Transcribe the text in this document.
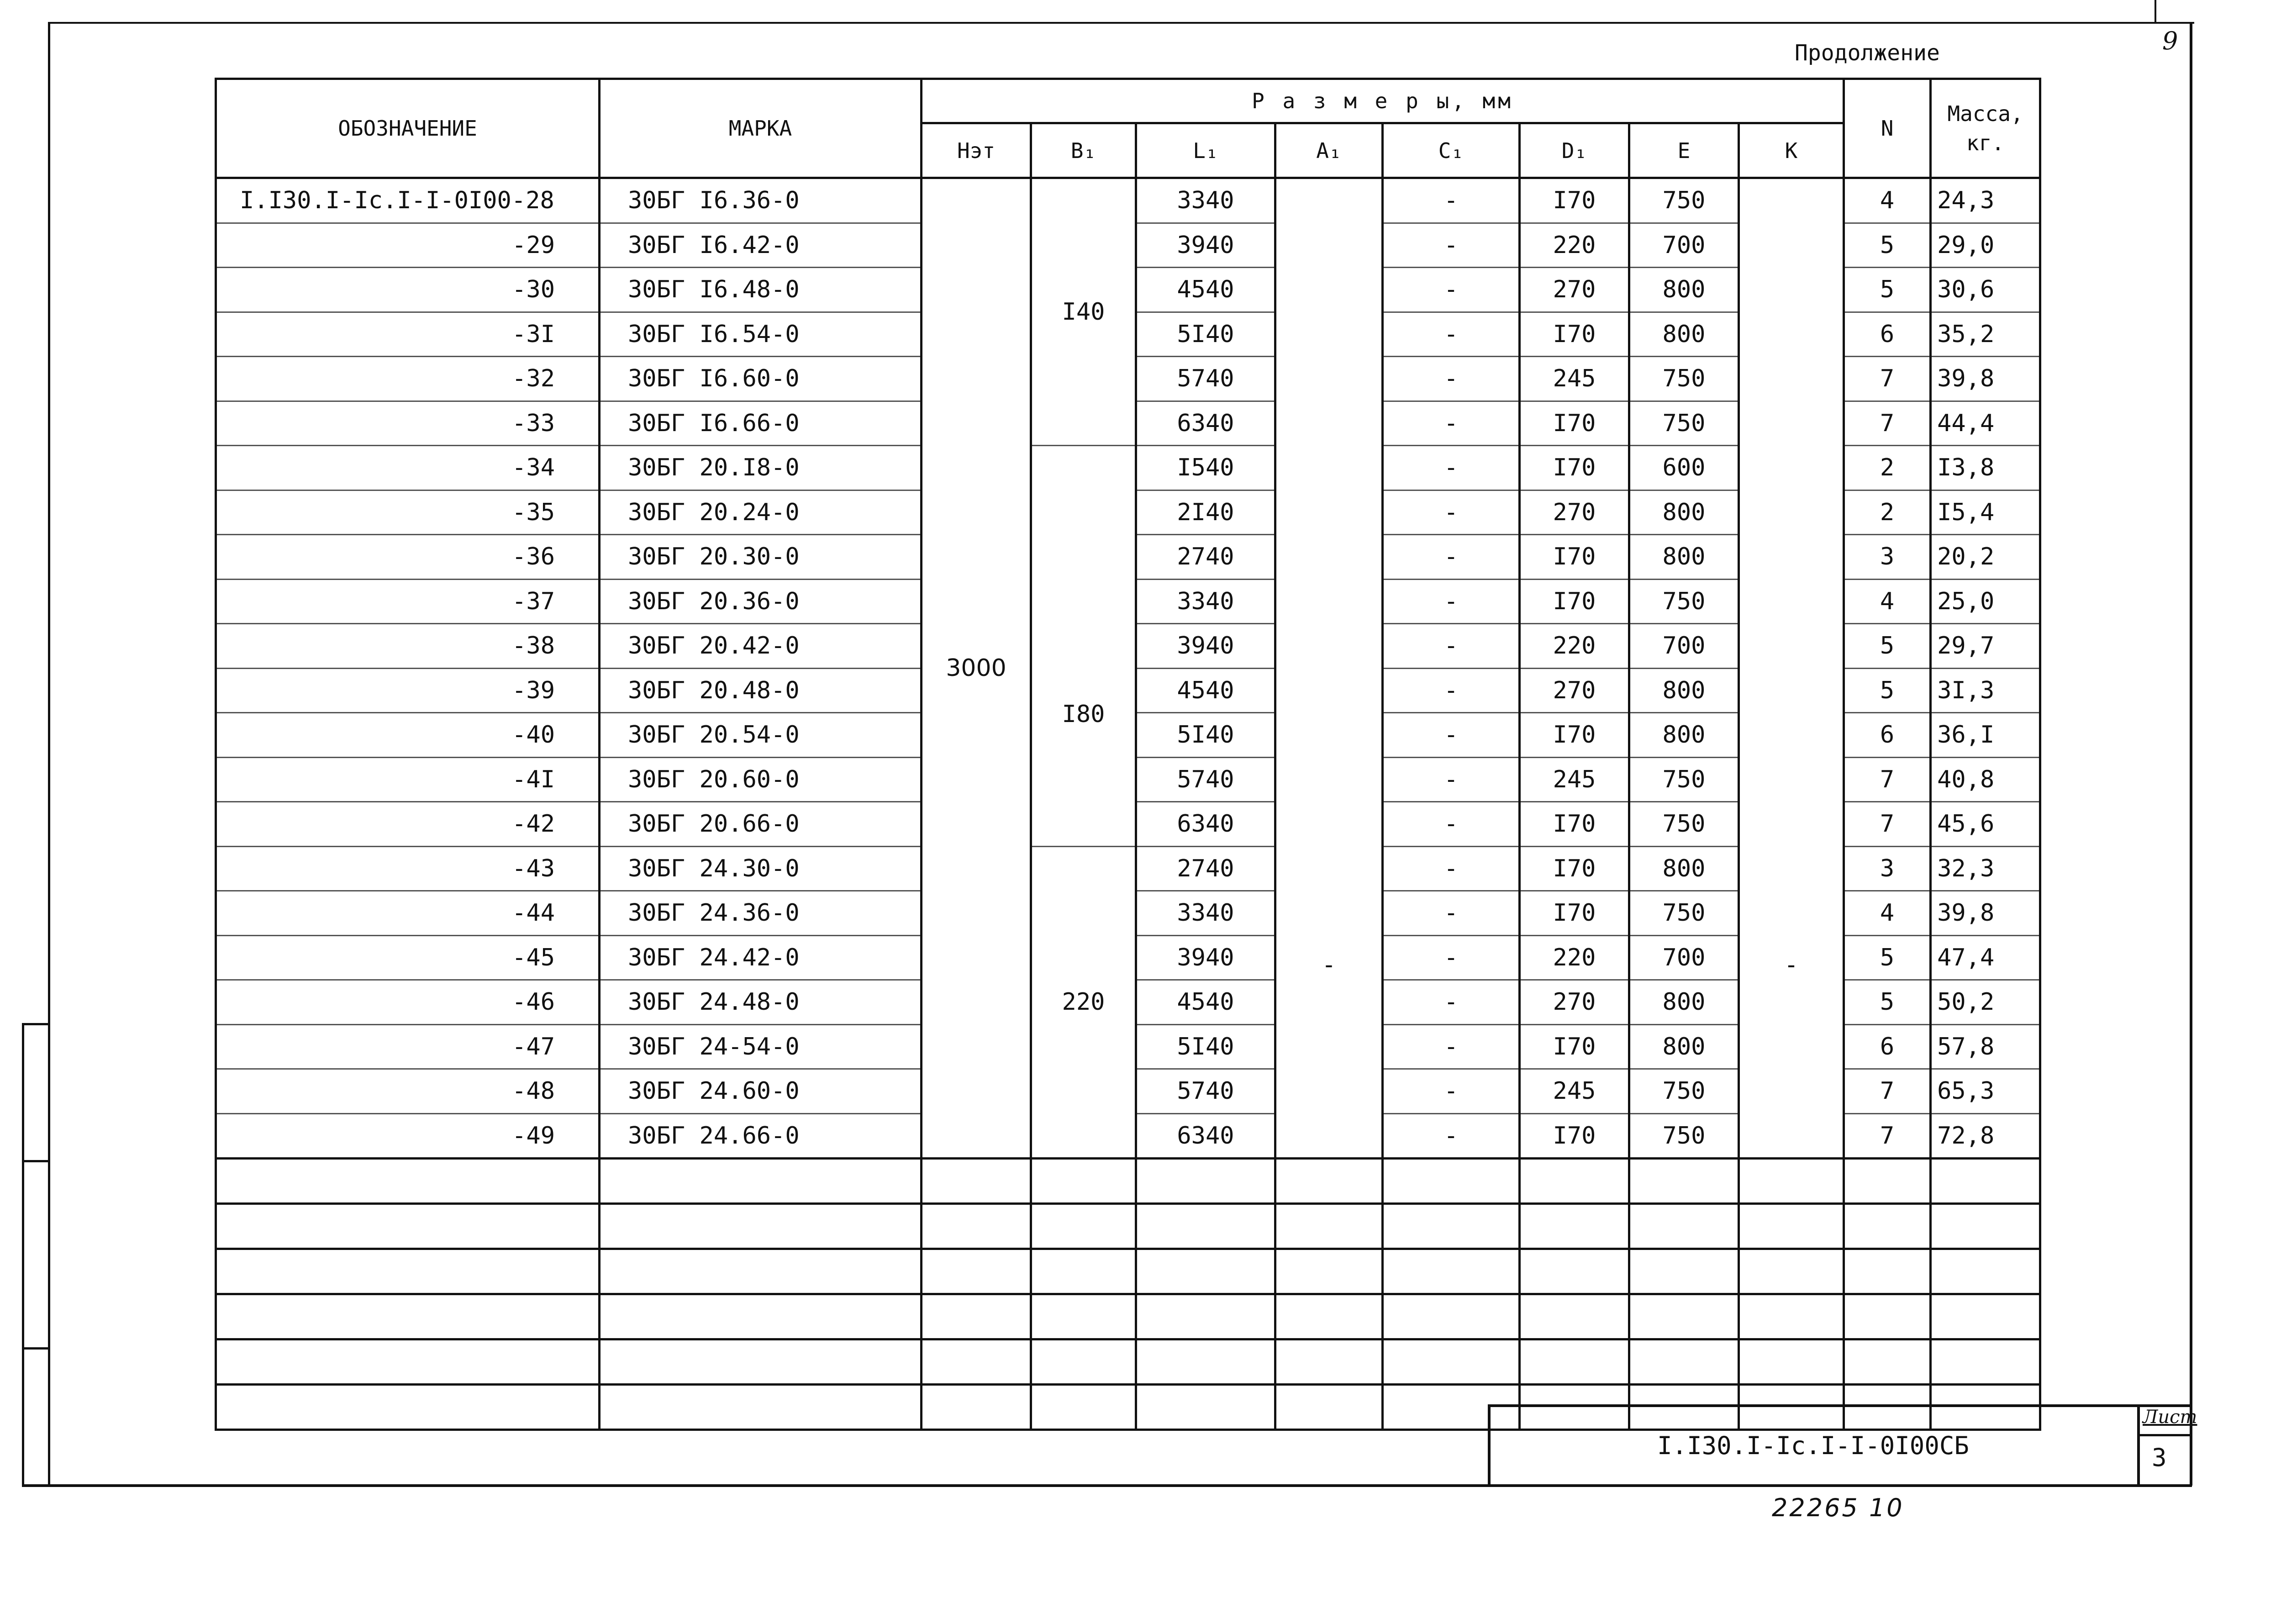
9
Продолжение
ОБОЗНАЧЕНИЕ	МАРКА	Р а з м е р ы, мм								N	Масса, кг.
		Нэт	В₁	L₁	А₁	С₁	D₁	Е	К		
I.I30.I-Ic.I-I-0I00-28	30БГ I6.36-0	3000	I40	3340	-	-	I70	750	-	4	24,3
-29	30БГ I6.42-0			3940		-	220	700		5	29,0
-30	30БГ I6.48-0			4540		-	270	800		5	30,6
-3I	30БГ I6.54-0			5I40		-	I70	800		6	35,2
-32	30БГ I6.60-0			5740		-	245	750		7	39,8
-33	30БГ I6.66-0			6340		-	I70	750		7	44,4
-34	30БГ 20.I8-0		I80	I540		-	I70	600		2	I3,8
-35	30БГ 20.24-0			2I40		-	270	800		2	I5,4
-36	30БГ 20.30-0			2740		-	I70	800		3	20,2
-37	30БГ 20.36-0			3340		-	I70	750		4	25,0
-38	30БГ 20.42-0			3940		-	220	700		5	29,7
-39	30БГ 20.48-0			4540		-	270	800		5	3I,3
-40	30БГ 20.54-0			5I40		-	I70	800		6	36,I
-4I	30БГ 20.60-0			5740		-	245	750		7	40,8
-42	30БГ 20.66-0			6340		-	I70	750		7	45,6
-43	30БГ 24.30-0		220	2740		-	I70	800		3	32,3
-44	30БГ 24.36-0			3340		-	I70	750		4	39,8
-45	30БГ 24.42-0			3940		-	220	700		5	47,4
-46	30БГ 24.48-0			4540		-	270	800		5	50,2
-47	30БГ 24-54-0			5I40		-	I70	800		6	57,8
-48	30БГ 24.60-0			5740		-	245	750		7	65,3
-49	30БГ 24.66-0			6340		-	I70	750		7	72,8

I.I30.I-Ic.I-I-0I00СБ
Лист
3
22265 10
